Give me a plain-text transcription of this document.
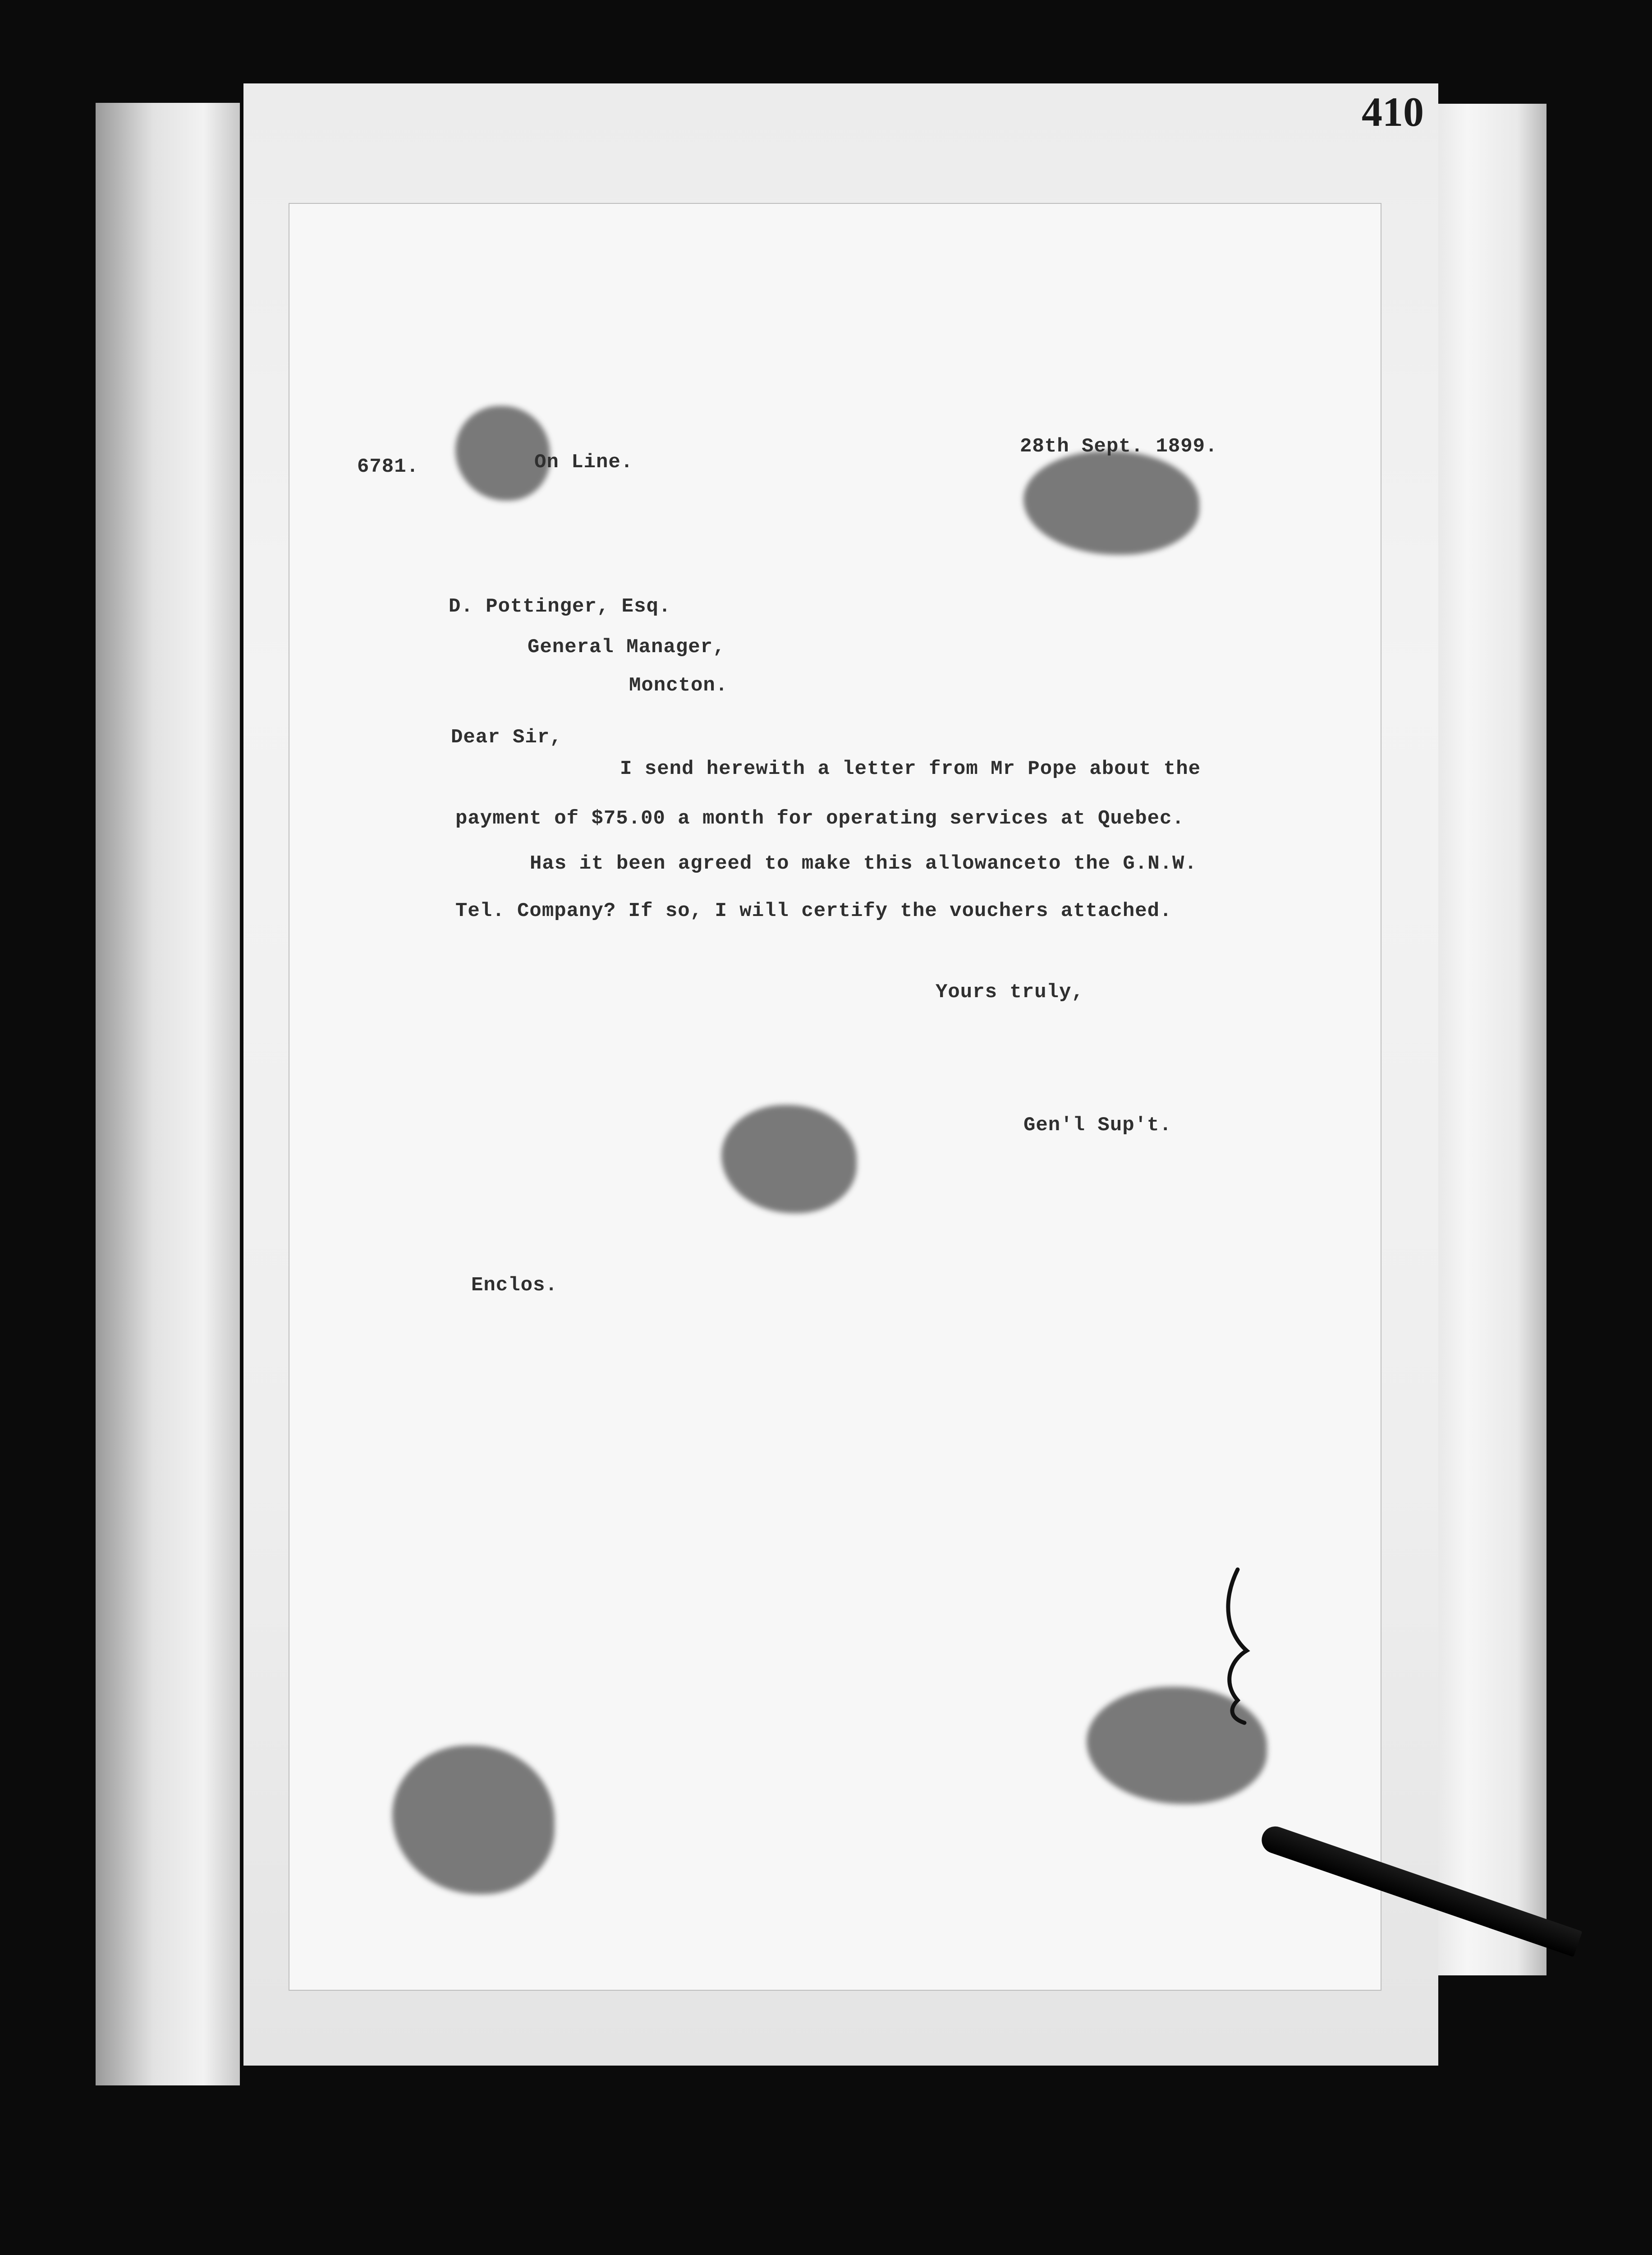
410
6781.	On Line.
28th Sept. 1899.
D. Pottinger, Esq.
General Manager,
Moncton.
Dear Sir,
I send herewith a letter from Mr Pope about the
payment of $75.00 a month for operating services at Quebec.
Has it been agreed to make this allowanceto the G.N.W.
Tel. Company? If so, I will certify the vouchers attached.
Yours truly,
Gen'l Sup't.
Enclos.
